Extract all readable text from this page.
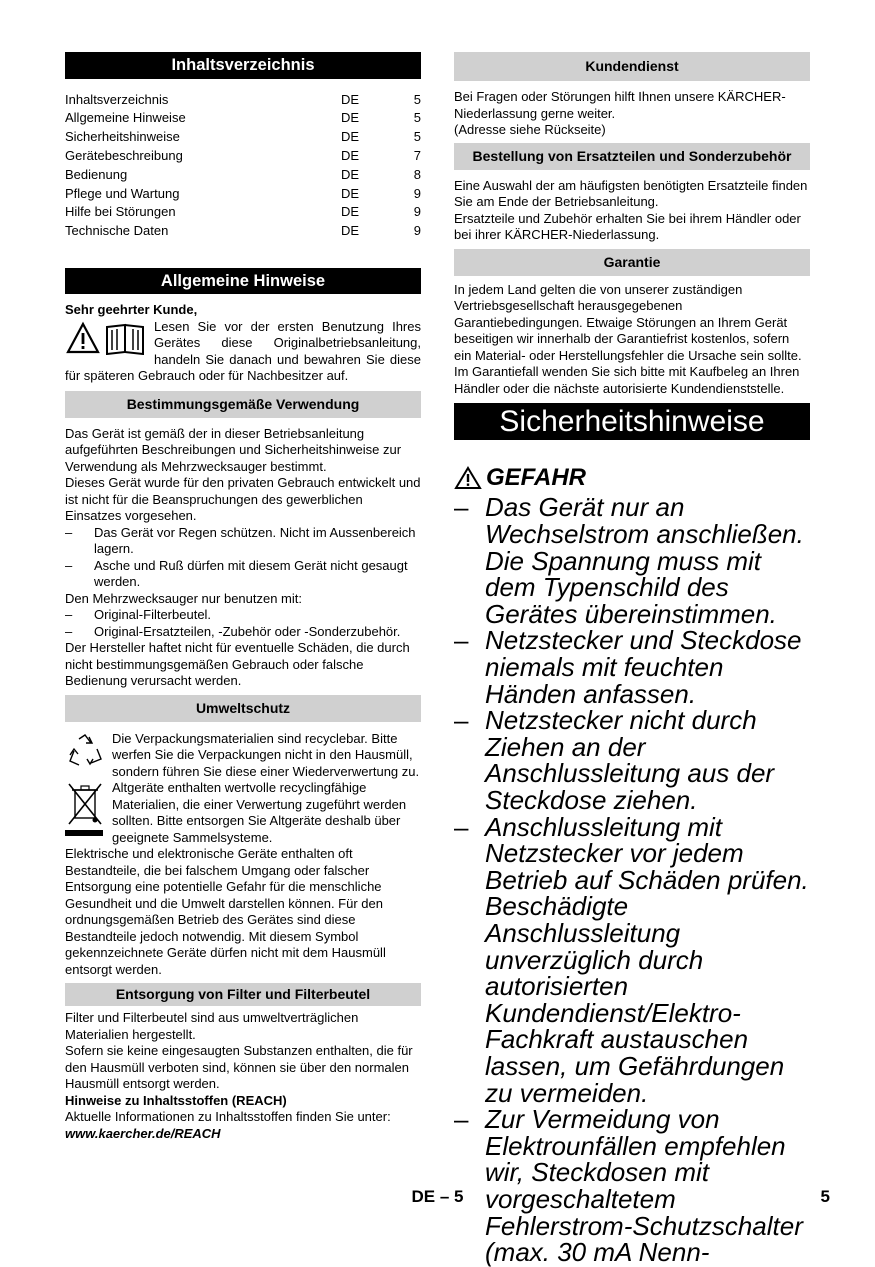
Inhaltsverzeichnis
Inhaltsverzeichnis	DE	5
Allgemeine Hinweise	DE	5
Sicherheitshinweise	DE	5
Gerätebeschreibung	DE	7
Bedienung	DE	8
Pflege und Wartung	DE	9
Hilfe bei Störungen	DE	9
Technische Daten	DE	9
Allgemeine Hinweise

Sehr geehrter Kunde,

Lesen Sie vor der ersten Benutzung Ihres Gerätes diese Originalbetriebsanleitung, handeln Sie danach und bewahren Sie diese für späteren Gebrauch oder für Nachbesitzer auf.

Bestimmungsgemäße Verwendung

Das Gerät ist gemäß der in dieser Betriebsanleitung aufgeführten Beschreibungen und Sicherheitshinweise zur Verwendung als Mehrzwecksauger bestimmt.

Dieses Gerät wurde für den privaten Gebrauch entwickelt und ist nicht für die Beanspruchungen des gewerblichen Einsatzes vorgesehen.

– Das Gerät vor Regen schützen. Nicht im Aussenbereich lagern.

– Asche und Ruß dürfen mit diesem Gerät nicht gesaugt werden.

Den Mehrzwecksauger nur benutzen mit:

– Original-Filterbeutel.

– Original-Ersatzteilen, -Zubehör oder -Sonderzubehör.

Der Hersteller haftet nicht für eventuelle Schäden, die durch nicht bestimmungsgemäßen Gebrauch oder falsche Bedienung verursacht werden.

Umweltschutz

Die Verpackungsmaterialien sind recyclebar. Bitte werfen Sie die Verpackungen nicht in den Hausmüll, sondern führen Sie diese einer Wiederverwertung zu.

Altgeräte enthalten wertvolle recyclingfähige Materialien, die einer Verwertung zugeführt werden sollten. Bitte entsorgen Sie Altgeräte deshalb über geeignete Sammelsysteme.

Elektrische und elektronische Geräte enthalten oft Bestandteile, die bei falschem Umgang oder falscher Entsorgung eine potentielle Gefahr für die menschliche Gesundheit und die Umwelt darstellen können. Für den ordnungsgemäßen Betrieb des Gerätes sind diese Bestandteile jedoch notwendig. Mit diesem Symbol gekennzeichnete Geräte dürfen nicht mit dem Hausmüll entsorgt werden.

Entsorgung von Filter und Filterbeutel

Filter und Filterbeutel sind aus umweltverträglichen Materialien hergestellt.

Sofern sie keine eingesaugten Substanzen enthalten, die für den Hausmüll verboten sind, können sie über den normalen Hausmüll entsorgt werden.

Hinweise zu Inhaltsstoffen (REACH)

Aktuelle Informationen zu Inhaltsstoffen finden Sie unter:

www.kaercher.de/REACH

Kundendienst

Bei Fragen oder Störungen hilft Ihnen unsere KÄRCHER-Niederlassung gerne weiter.

(Adresse siehe Rückseite)

Bestellung von Ersatzteilen und Sonderzubehör

Eine Auswahl der am häufigsten benötigten Ersatzteile finden Sie am Ende der Betriebsanleitung.

Ersatzteile und Zubehör erhalten Sie bei ihrem Händler oder bei ihrer KÄRCHER-Niederlassung.

Garantie

In jedem Land gelten die von unserer zuständigen Vertriebsgesellschaft herausgegebenen Garantiebedingungen. Etwaige Störungen an Ihrem Gerät beseitigen wir innerhalb der Garantiefrist kostenlos, sofern ein Material- oder Herstellungsfehler die Ursache sein sollte. Im Garantiefall wenden Sie sich bitte mit Kaufbeleg an Ihren Händler oder die nächste autorisierte Kundendienststelle.

Sicherheitshinweise
GEFAHR

– Das Gerät nur an Wechselstrom anschließen. Die Spannung muss mit dem Typenschild des Gerätes übereinstimmen.

– Netzstecker und Steckdose niemals mit feuchten Händen anfassen.

– Netzstecker nicht durch Ziehen an der Anschlussleitung aus der Steckdose ziehen.

– Anschlussleitung mit Netzstecker vor jedem Betrieb auf Schäden prüfen. Beschädigte Anschlussleitung unverzüglich durch autorisierten Kundendienst/Elektro-Fachkraft austauschen lassen, um Gefährdungen zu vermeiden.

– Zur Vermeidung von Elektrounfällen empfehlen wir, Steckdosen mit vorgeschaltetem Fehlerstrom-Schutzschalter (max. 30 mA Nenn-

DE – 5	5
